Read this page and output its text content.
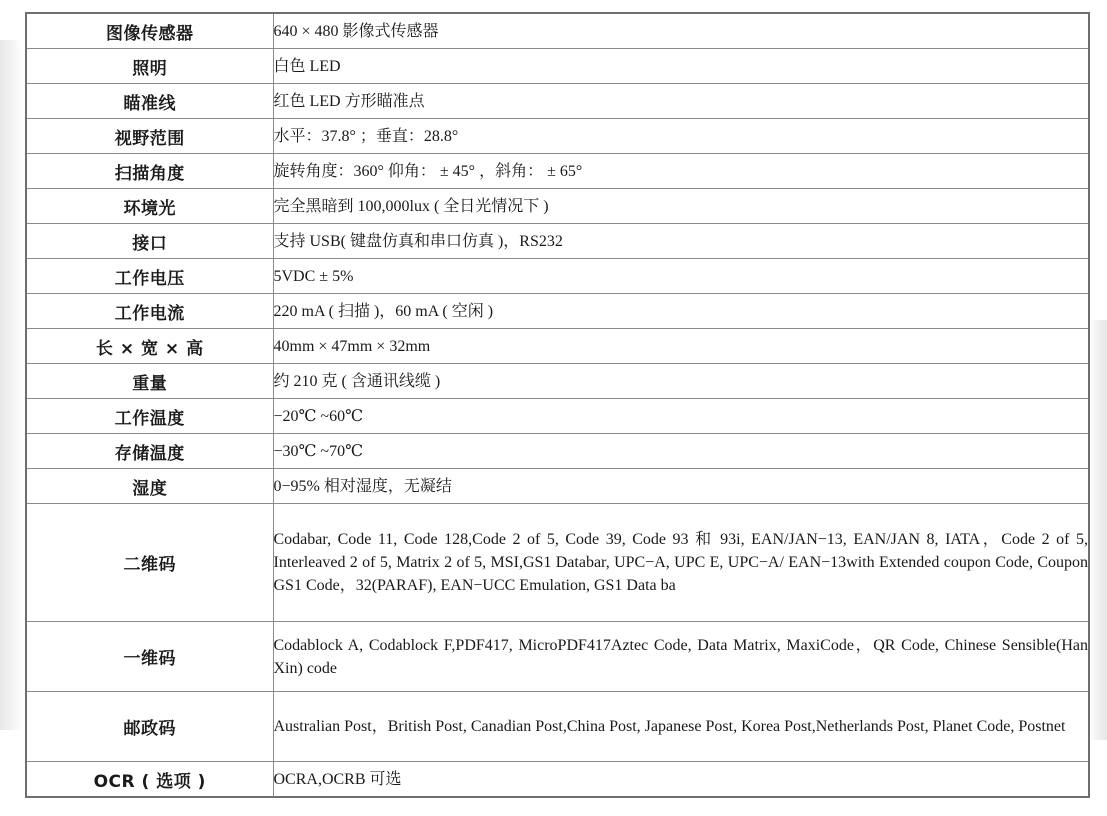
图像传感器	640 × 480 影像式传感器
照明	白色 LED
瞄准线	红色 LED 方形瞄准点
视野范围	水平：37.8° ；垂直：28.8°
扫描角度	旋转角度：360° 仰角： ± 45° ，斜角： ± 65°
环境光	完全黑暗到 100,000lux ( 全日光情况下 )
接口	支持 USB( 键盘仿真和串口仿真 )，RS232
工作电压	5VDC ± 5%
工作电流	220 mA ( 扫描 )，60 mA ( 空闲 )
长 × 宽 × 高	40mm × 47mm × 32mm
重量	约 210 克 ( 含通讯线缆 )
工作温度	−20℃ ~60℃
存储温度	−30℃ ~70℃
湿度	0−95% 相对湿度，无凝结
二维码	Codabar, Code 11, Code 128,Code 2 of 5, Code 39, Code 93 和 93i, EAN/JAN−13, EAN/JAN 8, IATA，Code 2 of 5, Interleaved 2 of 5, Matrix 2 of 5, MSI,GS1 Databar, UPC−A, UPC E, UPC−A/ EAN−13with Extended coupon Code, Coupon GS1 Code，32(PARAF), EAN−UCC Emulation, GS1 Data ba
一维码	Codablock A, Codablock F,PDF417, MicroPDF417Aztec Code, Data Matrix, MaxiCode，QR Code, Chinese Sensible(Han Xin) code
邮政码	Australian Post，British Post, Canadian Post,China Post, Japanese Post, Korea Post,Netherlands Post, Planet Code, Postnet
OCR ( 选项 )	OCRA,OCRB 可选
